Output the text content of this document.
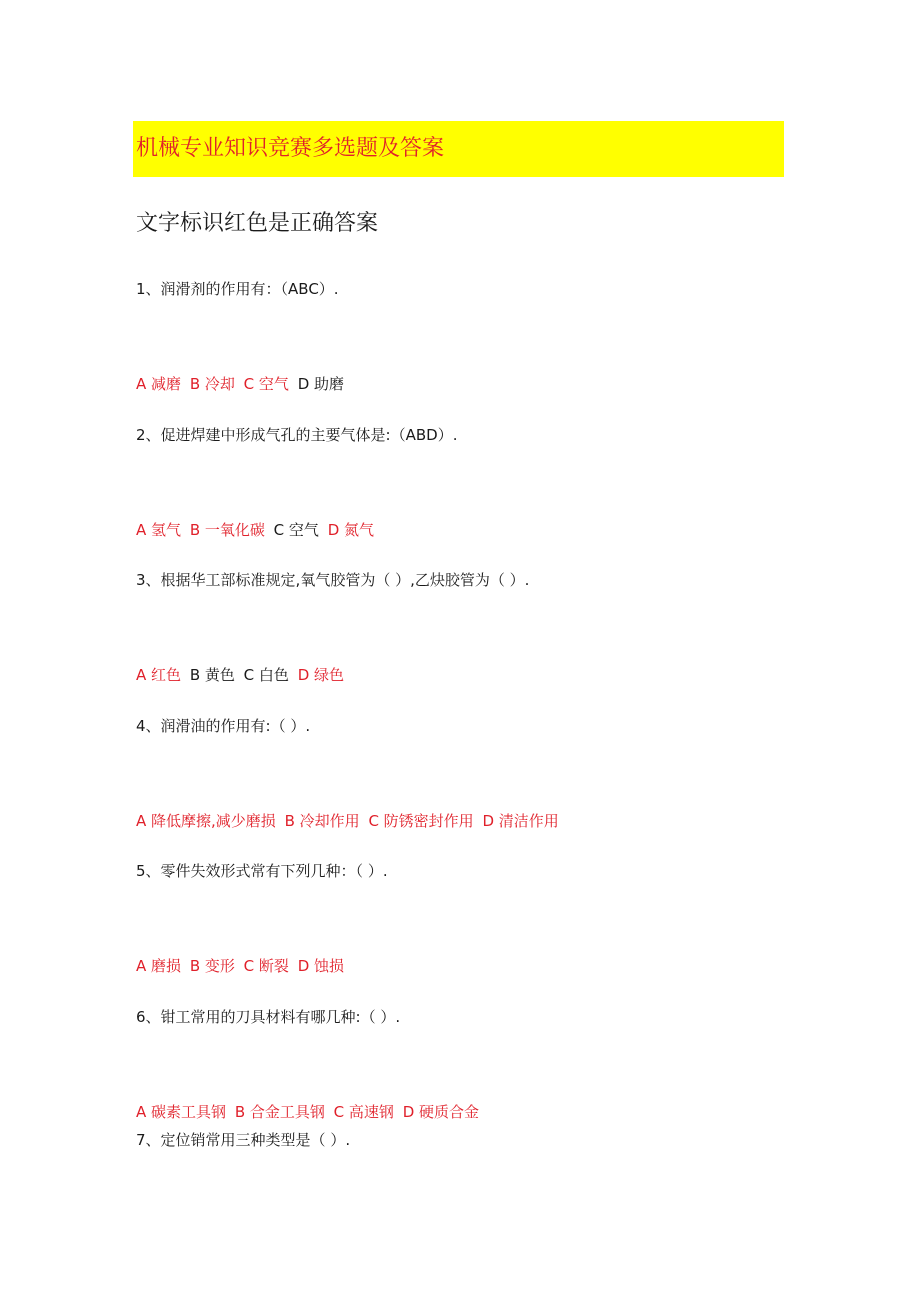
机械专业知识竞赛多选题及答案
文字标识红色是正确答案
1、润滑剂的作用有：（ABC）.
A 减磨 B 冷却 C 空气 D 助磨
2、促进焊建中形成气孔的主要气体是:（ABD）.
A 氢气 B 一氧化碳 C 空气 D 氮气
3、根据华工部标准规定,氧气胶管为（ ）,乙炔胶管为（ ）.
A 红色 B 黄色 C 白色 D 绿色
4、润滑油的作用有:（ ）.
A 降低摩擦,减少磨损 B 冷却作用 C 防锈密封作用 D 清洁作用
5、零件失效形式常有下列几种：（ ）.
A 磨损 B 变形 C 断裂 D 蚀损
6、钳工常用的刀具材料有哪几种:（ ）.
A 碳素工具钢 B 合金工具钢 C 高速钢 D 硬质合金
7、定位销常用三种类型是（ ）.
